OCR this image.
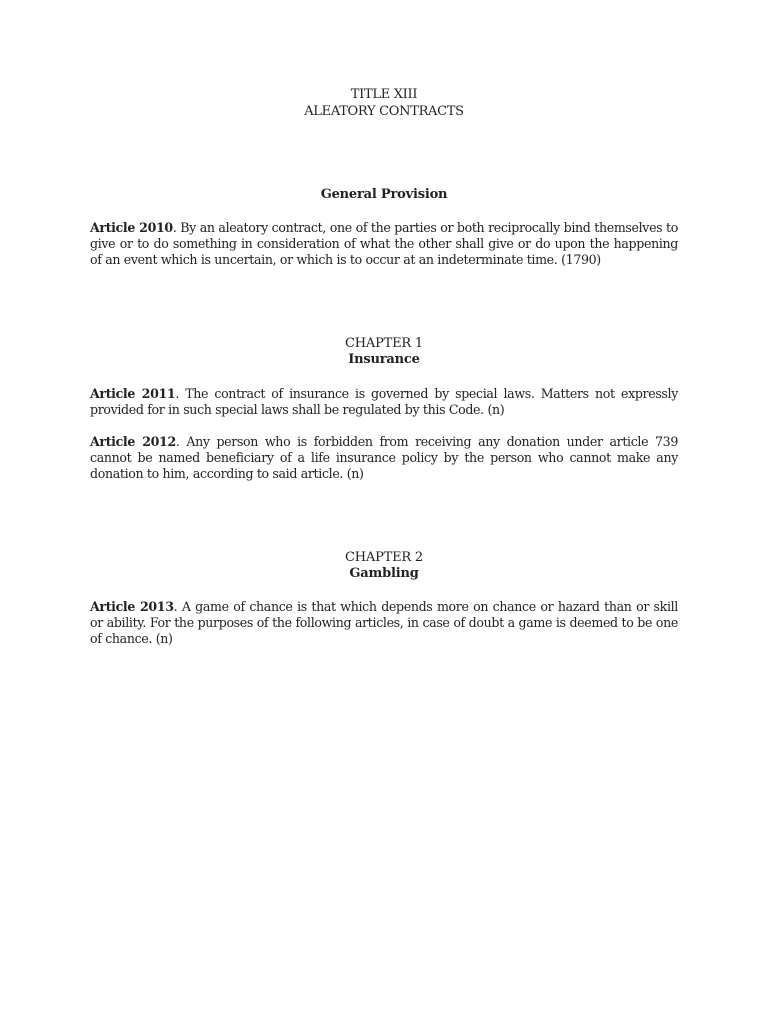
TITLE XIII
ALEATORY CONTRACTS
General Provision
Article 2010. By an aleatory contract, one of the parties or both reciprocally bind themselves to give or to do something in consideration of what the other shall give or do upon the happening of an event which is uncertain, or which is to occur at an indeterminate time. (1790)
CHAPTER 1
Insurance
Article 2011. The contract of insurance is governed by special laws. Matters not expressly provided for in such special laws shall be regulated by this Code. (n)
Article 2012. Any person who is forbidden from receiving any donation under article 739 cannot be named beneficiary of a life insurance policy by the person who cannot make any donation to him, according to said article. (n)
CHAPTER 2
Gambling
Article 2013. A game of chance is that which depends more on chance or hazard than or skill or ability. For the purposes of the following articles, in case of doubt a game is deemed to be one of chance. (n)
